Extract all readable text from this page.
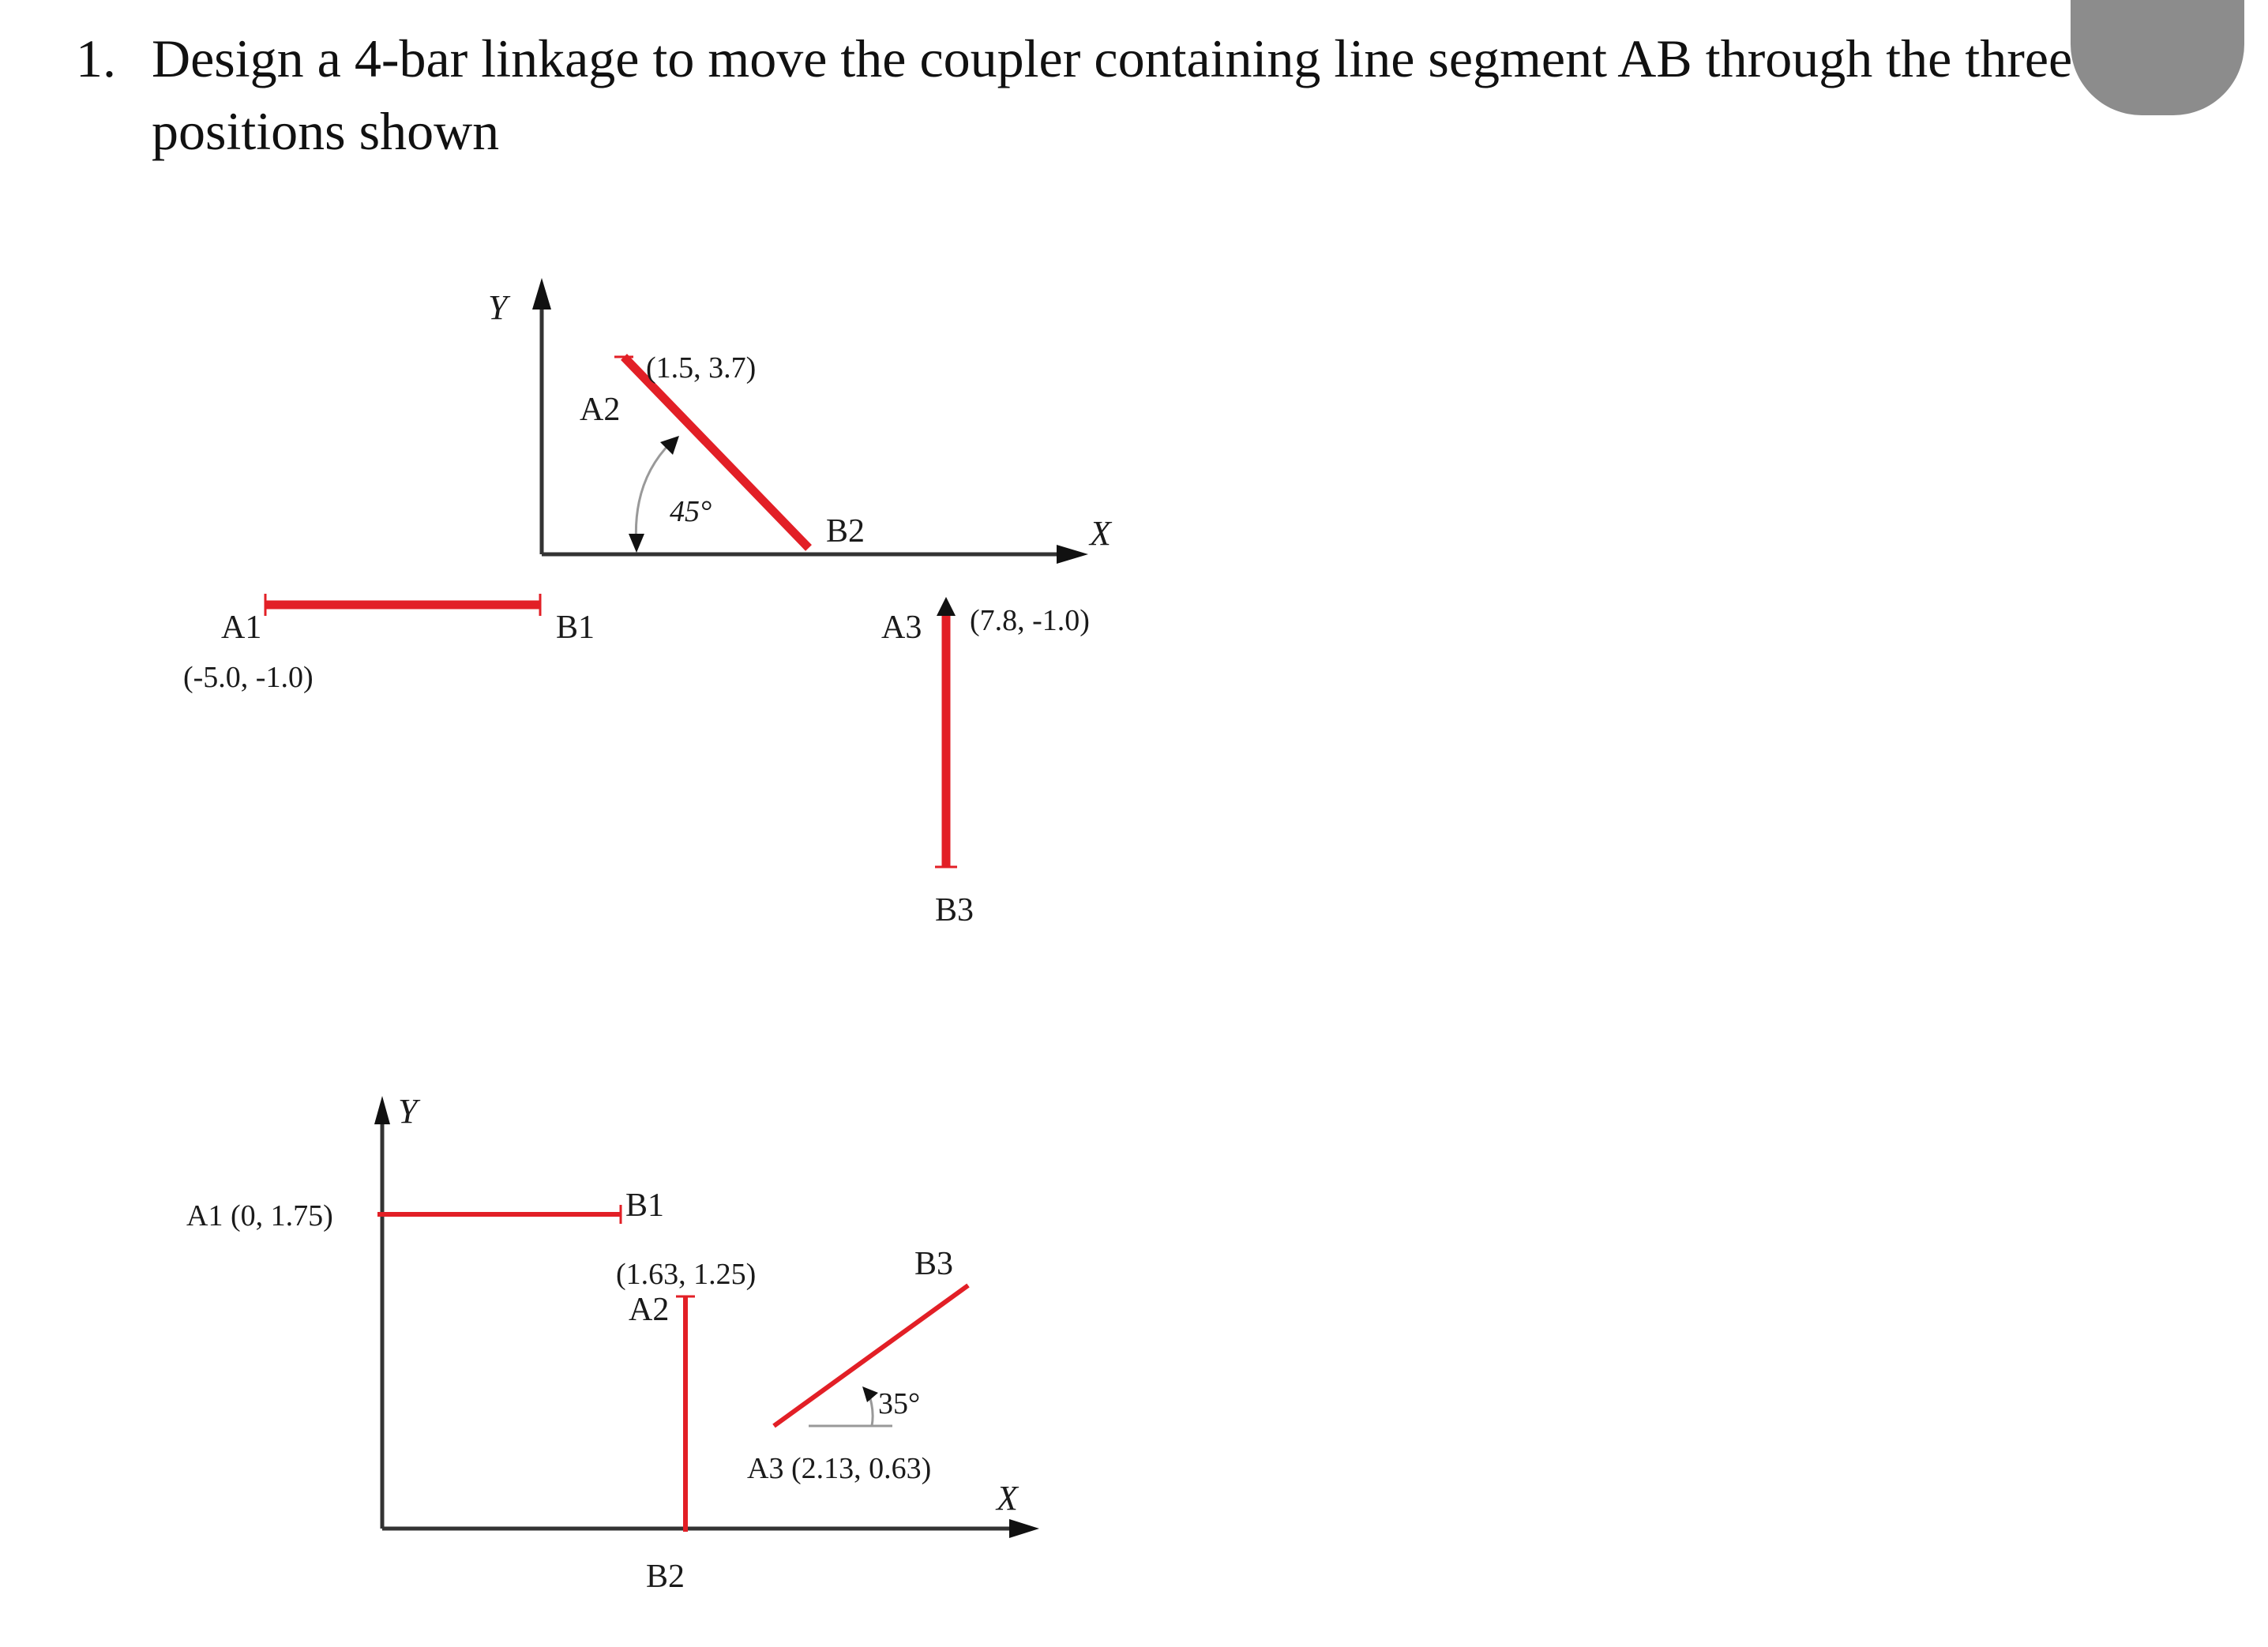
1. Design a 4-bar linkage to move the coupler containing line segment AB through the three positions shown
Y
X
A1
(-5.0, -1.0)
B1
(1.5, 3.7)
A2
45°
B2
A3 (7.8, -1.0)
B3
Y
X
A1 (0, 1.75)	B1
(1.63, 1.25)
A2
B2
35°
B3
A3 (2.13, 0.63)
